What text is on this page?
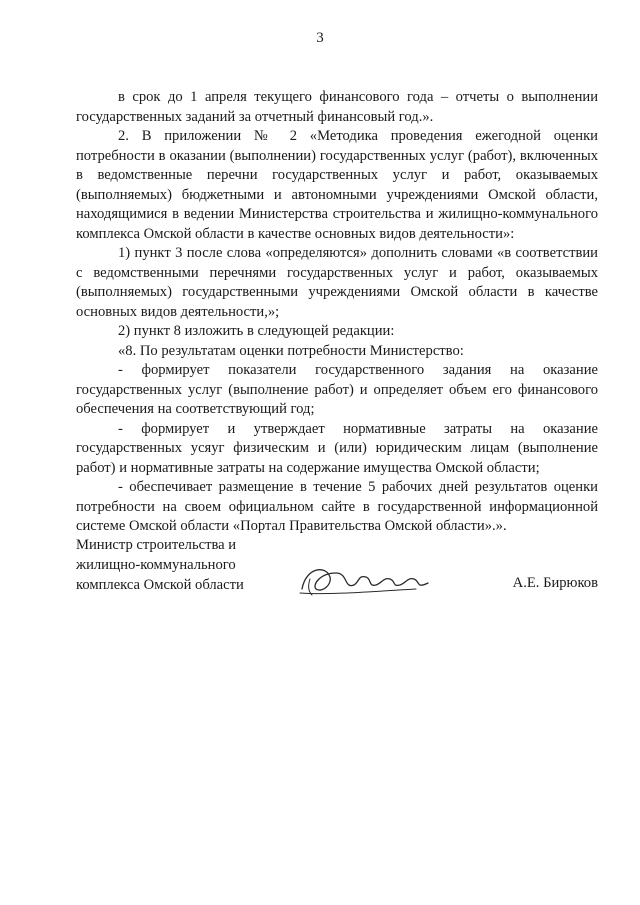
3

в срок до 1 апреля текущего финансового года – отчеты о выполнении государственных заданий за отчетный финансовый год.».

2. В приложении № 2 «Методика проведения ежегодной оценки потребности в оказании (выполнении) государственных услуг (работ), включенных в ведомственные перечни государственных услуг и работ, оказываемых (выполняемых) бюджетными и автономными учреждениями Омской области, находящимися в ведении Министерства строительства и жилищно-коммунального комплекса Омской области в качестве основных видов деятельности»:

1) пункт 3 после слова «определяются» дополнить словами «в соответствии с ведомственными перечнями государственных услуг и работ, оказываемых (выполняемых) государственными учреждениями Омской области в качестве основных видов деятельности,»;

2) пункт 8 изложить в следующей редакции:

«8. По результатам оценки потребности Министерство:

- формирует показатели государственного задания на оказание государственных услуг (выполнение работ) и определяет объем его финансового обеспечения на соответствующий год;

- формирует и утверждает нормативные затраты на оказание государственных усяуг физическим и (или) юридическим лицам (выполнение работ) и нормативные затраты на содержание имущества Омской области;

- обеспечивает размещение в течение 5 рабочих дней результатов оценки потребности на своем официальном сайте в государственной информационной системе Омской области «Портал Правительства Омской области».».

Министр строительства и
жилищно-коммунального
комплекса Омской области	А.Е. Бирюков
